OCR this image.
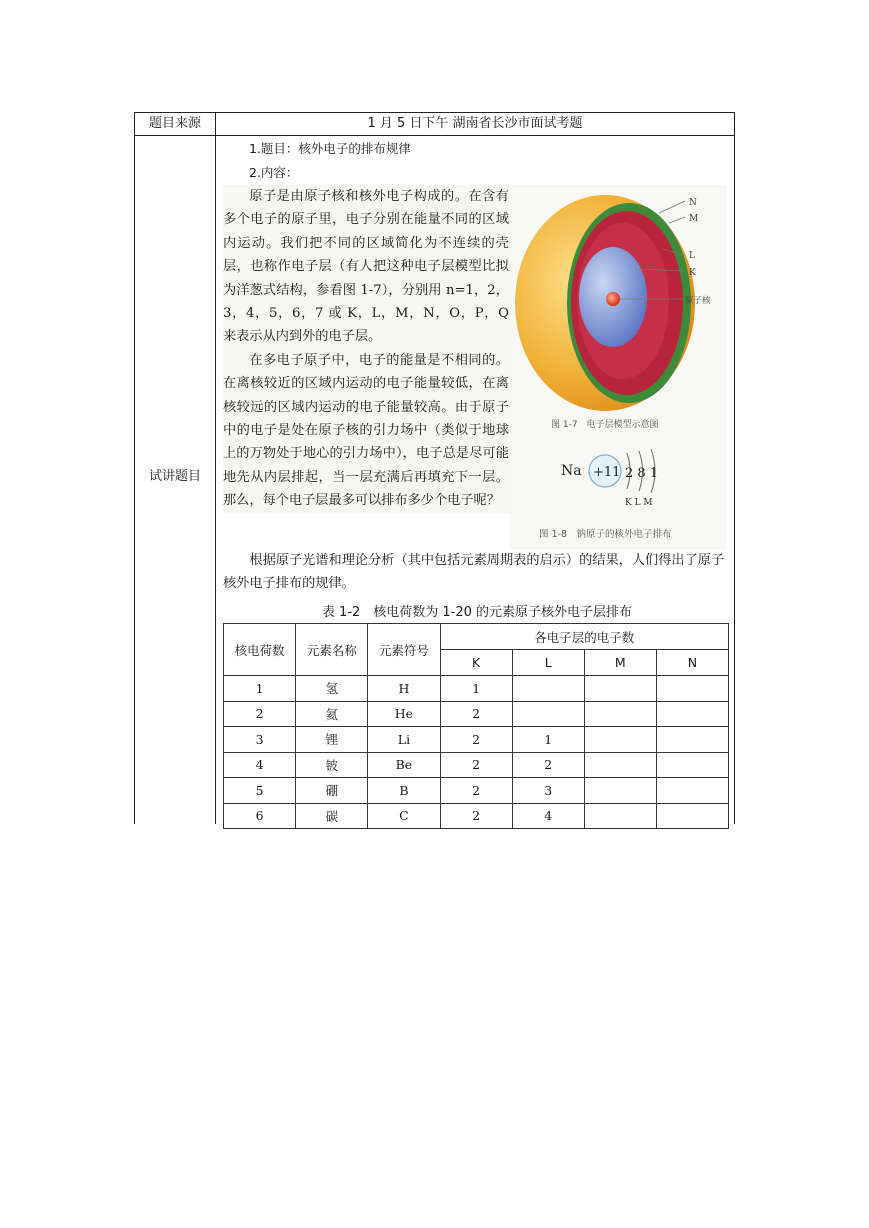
题目来源	1 月 5 日下午 湖南省长沙市面试考题
试讲题目
1.题目：核外电子的排布规律
2.内容：

原子是由原子核和核外电子构成的。在含有多个电子的原子里，电子分别在能量不同的区域内运动。我们把不同的区域简化为不连续的壳层，也称作电子层（有人把这种电子层模型比拟为洋葱式结构，参看图 1-7），分别用 n=1，2，3，4，5，6，7 或 K，L，M，N，O，P，Q 来表示从内到外的电子层。

在多电子原子中，电子的能量是不相同的。在离核较近的区域内运动的电子能量较低，在离核较远的区域内运动的电子能量较高。由于原子中的电子是处在原子核的引力场中（类似于地球上的万物处于地心的引力场中），电子总是尽可能地先从内层排起，当一层充满后再填充下一层。那么，每个电子层最多可以排布多少个电子呢？

N
M
L
K
原子核
图 1-7　电子层模型示意图
Na +11 2 8 1
K L M
图 1-8　钠原子的核外电子排布
根据原子光谱和理论分析（其中包括元素周期表的启示）的结果，人们得出了原子核外电子排布的规律。
表 1-2　核电荷数为 1-20 的元素原子核外电子层排布
核电荷数	元素名称	元素符号	各电子层的电子数			
			K	L	M	N
1	氢	H	1			
2	氦	He	2			
3	锂	Li	2	1		
4	铍	Be	2	2		
5	硼	B	2	3		
6	碳	C	2	4		
